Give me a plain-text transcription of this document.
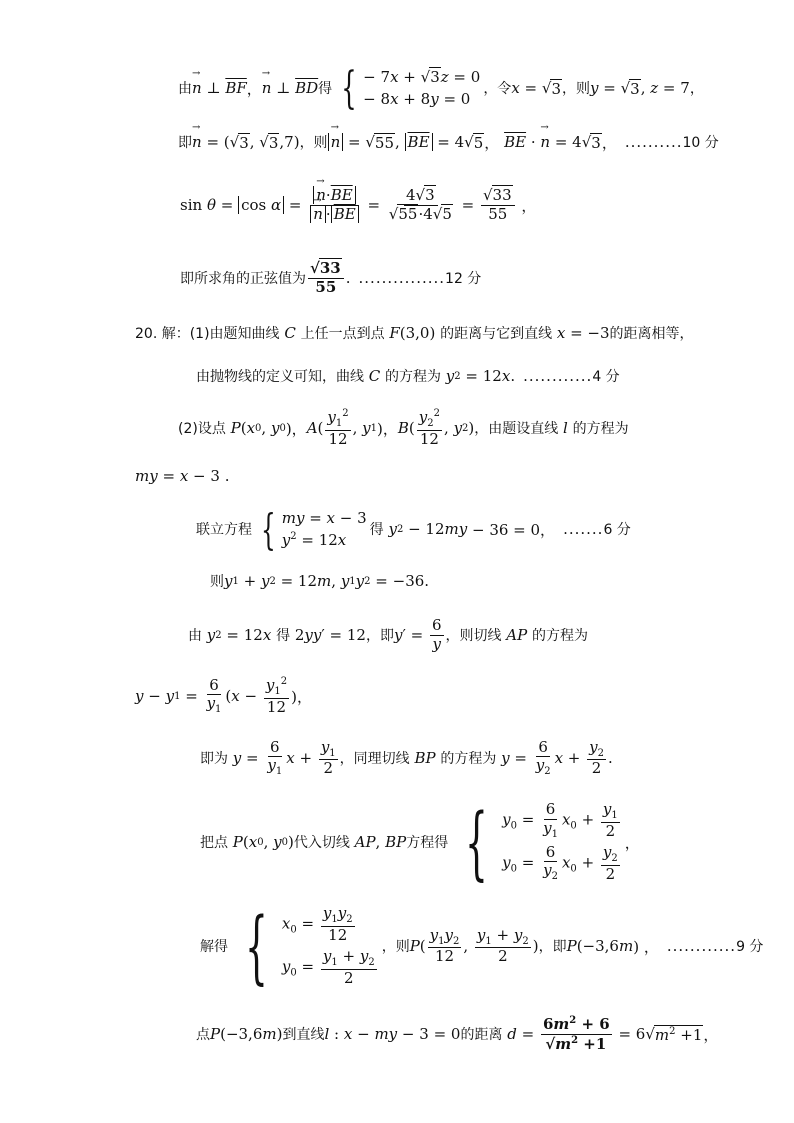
由 → n ⊥ $\overline{BF}$ ， → n ⊥ $\overline{BD}$ 得 { − 7x + √3z = 0
− 8x + 8y = 0
，令 x = √ 3 ，则 y = √ 3 , z = 7 ，
即 → n = (√ 3 , √ 3 ,7) ，则 → n = √ 55 , $\overline{BE} = 4√$ 5 ， $\overline{BE}$ · → n = 4√ 3 ， .......... 10 分
sin θ = cos α = → $n\cdot\overline{BE}$
→ $n \cdot \overline{BE} = \frac{4√3}{√55\cdot 4√5} = \frac{√33}{55}$ ，
即所求角的正弦值为 $\frac{√33}{55}$ . ............... 12 分
20. 解： (1)由题知曲线 C 上任一点到点 F (3,0) 的距离与它到直线 x = −3 的距离相等，
由抛物线的定义可知，曲线 C 的方程为
y 2 = 12 x . ............ 4 分
(2)设点
P ( x 0 , y 0 )， A ( $\frac{y_1^2}{12}$ , y 1 )， B ( $\frac{y_2^2}{12}$ , y 2 ) ，由题设直线 l 的方程为
my = x − 3 .
联立方程 { my = x − 3
$y^2 = 12x$
得
y 2 − 12 my − 36 = 0， ....... 6 分
则 y 1 + y 2 = 12 m , y 1 y 2 = −36.
由
y 2 = 12 x
得 2 yy ′ = 12 ，即 y ′ = $\frac{6}{y}$ ，则切线 AP 的方程为
y − y $1 = \frac{6}{y_1}$ ( $x - \frac{y_1^2}{12}$ )，
即为
$y = \frac{6}{y_1}$ $x + \frac{y_1}{2}$ ，同理切线 BP 的方程为
$y = \frac{6}{y_2}$ $x + \frac{y_2}{2}$ .
把点
P ( x 0 , y 0 ) 代入切线 AP , BP 方程得 { $y_0 = \frac{6}{y_1} x_0 + \frac{y_1}{2}$
$y_0 = \frac{6}{y_2} x_0 + \frac{y_2}{2}$
，
解得 { $x_0 = \frac{y_1y_2}{12}$
$y_0 = \frac{y_1 + y_2}{2}$
，则 P ( $\frac{y_1y_2}{12}$ , $\frac{y_1 + y_2}{2}$ ) ，即 P (−3,6 m ) ， ............ 9 分
点 P (−3,6 m ) 到直线 l : x − my − 3 = 0 的距离
$d = \frac{6m^2 + 6}{√m^2 +1} = 6√$ $m^2 +1$ ，
